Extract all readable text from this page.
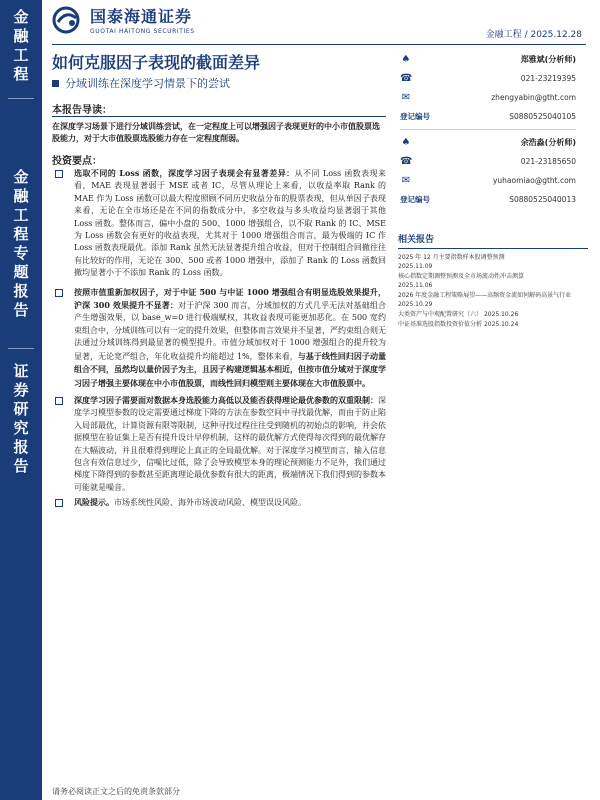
金
融
工
程
金
融
工
程
专
题
报
告
证
券
研
究
报
告
国泰海通证券
GUOTAI HAITONG SECURITIES	金融工程 / 2025.12.28
如何克服因子表现的截面差异
分域训练在深度学习情景下的尝试
本报告导读：
在深度学习场景下进行分域训练尝试，在一定程度上可以增强因子表现更好的中小市值股票选股能力，对于大市值股票选股能力存在一定程度削弱。
投资要点：
选取不同的 Loss 函数，深度学习因子表现会有显著差异：从不同 Loss 函数表现来看，MAE 表现显著弱于 MSE 或者 IC，尽管从理论上来看，以收益率取 Rank 的 MAE 作为 Loss 函数可以最大程度照顾不同历史收益分布的股票表现，但从单因子表现来看，无论在全市场还是在不同的指数成分中，多空收益与多头收益均显著弱于其他 Loss 函数。整体而言，偏中小盘的 500、1000 增强组合，以不取 Rank 的 IC、MSE 为 Loss 函数会有更好的收益表现，尤其对于 1000 增强组合而言，最为极端的 IC 作 Loss 函数表现最优。添加 Rank 虽然无法显著提升组合收益，但对于控制组合回撤往往有比较好的作用，无论在 300、500 或者 1000 增强中，添加了 Rank 的 Loss 函数回撤均显著小于不添加 Rank 的 Loss 函数。
按照市值重新加权因子，对于中证 500 与中证 1000 增强组合有明显选股效果提升，沪深 300 效果提升不显著：对于沪深 300 而言，分域加权的方式几乎无法对基础组合产生增强效果，以 base_w=0 进行极端赋权，其收益表现可能更加恶化。在 500 宽约束组合中，分域训练可以有一定的提升效果，但整体而言效果并不显著，严约束组合则无法通过分域训练得到最显著的模型提升。市值分域加权对于 1000 增强组合的提升较为显著，无论宽严组合，年化收益提升均能超过 1%，整体来看，与基于线性回归因子动量组合不同，虽然均以量价因子为主，且因子构建逻辑基本相近，但按市值分域对于深度学习因子增强主要体现在中小市值股票，而线性回归模型则主要体现在大市值股票中。
深度学习因子需要面对数据本身选股能力高低以及能否获得理论最优参数的双重限制：深度学习模型参数的设定需要通过梯度下降的方法在参数空间中寻找最优解，而由于防止陷入局部最优，计算资源有限等限制，这种寻找过程往往受到随机的初始点的影响，并会依据模型在验证集上是否有提升设计早停机制，这样的最优解方式使得每次得到的最优解存在大幅波动，并且很难得到理论上真正的全局最优解。对于深度学习模型而言，输入信息包含有效信息过少，信噪比过低，除了会导致模型本身的理论预测能力不足外，我们通过梯度下降得到的参数甚至距离理论最优参数有很大的距离，极端情况下我们得到的参数本可能就是噪音。
风险提示。市场系统性风险、海外市场波动风险、模型误设风险。
♠	郑雅斌(分析师)
☎	021-23219395
✉	zhengyabin@gtht.com
登记编号	S0880525040105
♠	余浩淼(分析师)
☎	021-23185650
✉	yuhaomiao@gtht.com
登记编号	S0880525040013
相关报告
2025 年 12 月主要指数样本股调整预测
2025.11.09
核心指数定期调整预测及全市场流动性冲击测算
2025.11.06
2026 年度金融工程策略展望——高频资金流如何解码高景气行业 2025.10.29
大类资产与中观配置研究（六） 2025.10.26
中证基准选股指数投资价值分析 2025.10.24
请务必阅读正文之后的免责条款部分
